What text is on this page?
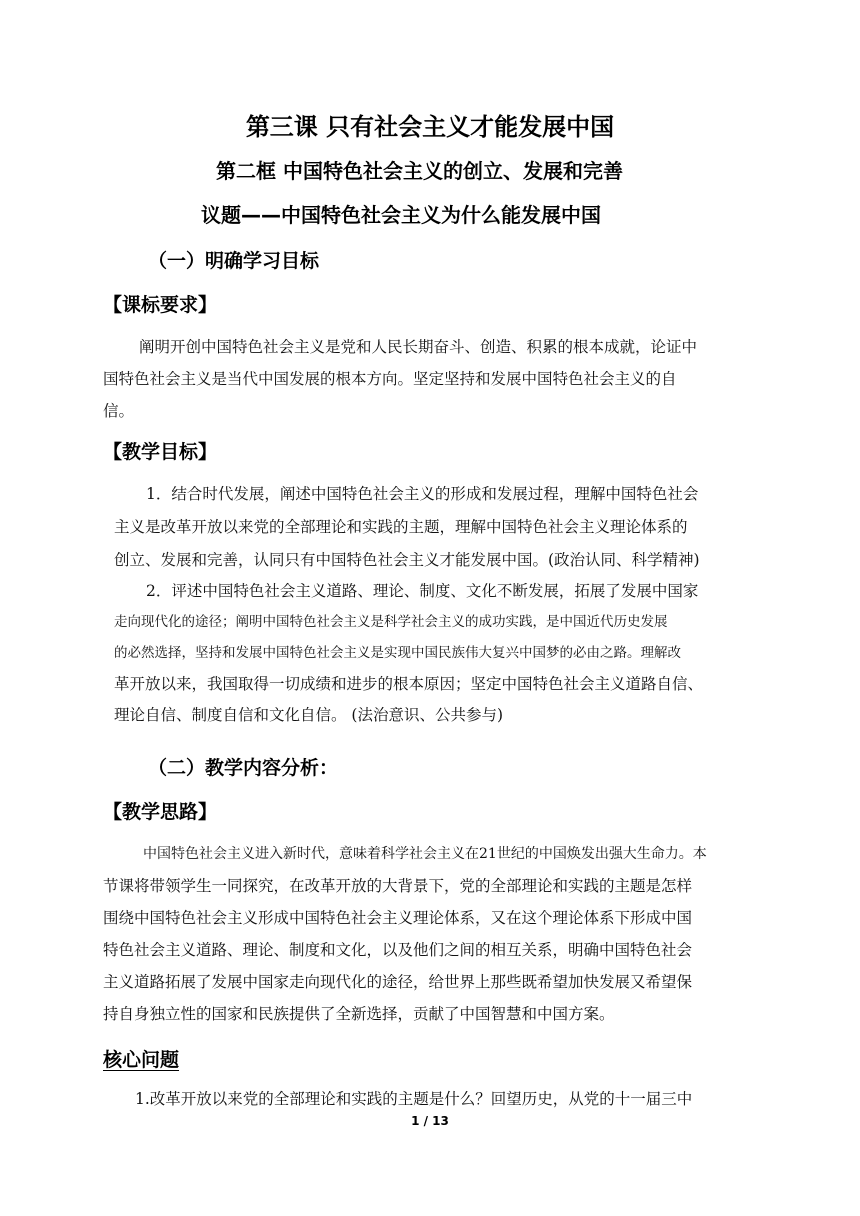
第三课 只有社会主义才能发展中国
第二框 中国特色社会主义的创立、发展和完善
议题——中国特色社会主义为什么能发展中国
（一）明确学习目标
【课标要求】
阐明开创中国特色社会主义是党和人民长期奋斗、创造、积累的根本成就，论证中
国特色社会主义是当代中国发展的根本方向。坚定坚持和发展中国特色社会主义的自
信。
【教学目标】
1．结合时代发展，阐述中国特色社会主义的形成和发展过程，理解中国特色社会
主义是改革开放以来党的全部理论和实践的主题，理解中国特色社会主义理论体系的
创立、发展和完善，认同只有中国特色社会主义才能发展中国。(政治认同、科学精神)
2．评述中国特色社会主义道路、理论、制度、文化不断发展，拓展了发展中国家
走向现代化的途径；阐明中国特色社会主义是科学社会主义的成功实践，是中国近代历史发展
的必然选择，坚持和发展中国特色社会主义是实现中国民族伟大复兴中国梦的必由之路。理解改
革开放以来，我国取得一切成绩和进步的根本原因；坚定中国特色社会主义道路自信、
理论自信、制度自信和文化自信。 (法治意识、公共参与)
（二）教学内容分析：
【教学思路】
中国特色社会主义进入新时代，意味着科学社会主义在21世纪的中国焕发出强大生命力。本
节课将带领学生一同探究，在改革开放的大背景下，党的全部理论和实践的主题是怎样
围绕中国特色社会主义形成中国特色社会主义理论体系，又在这个理论体系下形成中国
特色社会主义道路、理论、制度和文化，以及他们之间的相互关系，明确中国特色社会
主义道路拓展了发展中国家走向现代化的途径，给世界上那些既希望加快发展又希望保
持自身独立性的国家和民族提供了全新选择，贡献了中国智慧和中国方案。
核心问题
1.改革开放以来党的全部理论和实践的主题是什么？回望历史，从党的十一届三中
1 / 13
